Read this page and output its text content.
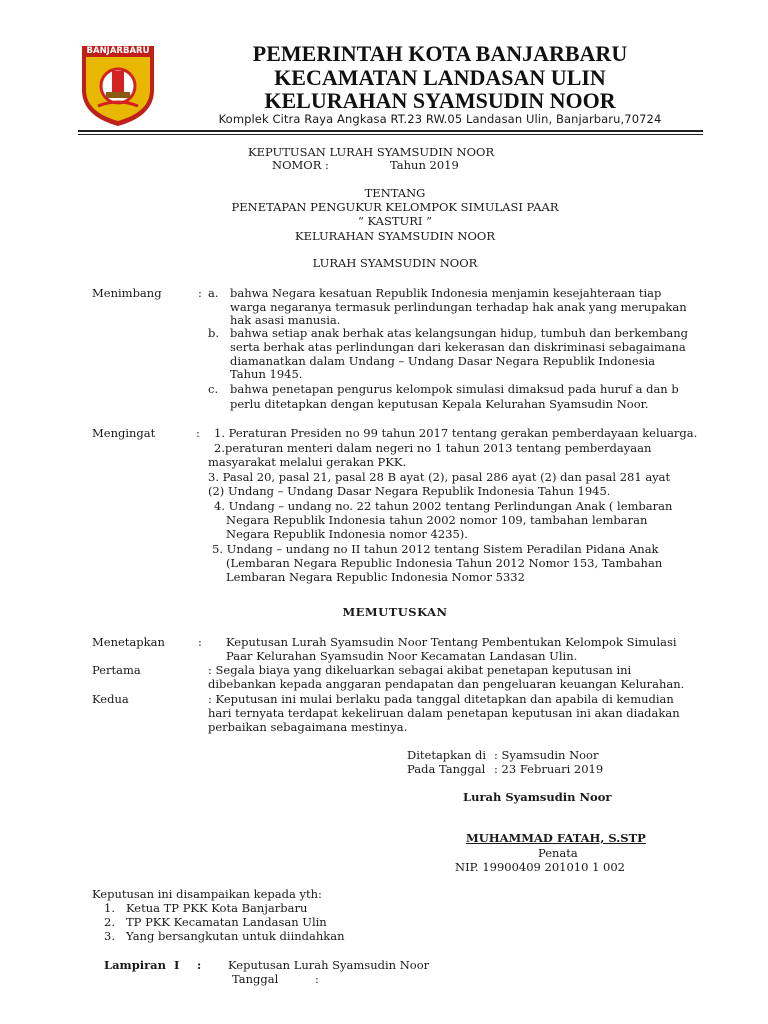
BANJARBARU	PEMERINTAH KOTA BANJARBARU
KECAMATAN LANDASAN ULIN
KELURAHAN SYAMSUDIN NOOR
Komplek Citra Raya Angkasa RT.23 RW.05 Landasan Ulin, Banjarbaru,70724
KEPUTUSAN LURAH SYAMSUDIN NOOR
NOMOR :	Tahun 2019
TENTANG
PENETAPAN PENGUKUR KELOMPOK SIMULASI PAAR
“ KASTURI ”
KELURAHAN SYAMSUDIN NOOR
LURAH SYAMSUDIN NOOR
Menimbang	: a. bahwa Negara kesatuan Republik Indonesia menjamin kesejahteraan tiap
warga negaranya termasuk perlindungan terhadap hak anak yang merupakan
hak asasi manusia.
b. bahwa setiap anak berhak atas kelangsungan hidup, tumbuh dan berkembang
serta berhak atas perlindungan dari kekerasan dan diskriminasi sebagaimana
diamanatkan dalam Undang – Undang Dasar Negara Republik Indonesia
Tahun 1945.
c. bahwa penetapan pengurus kelompok simulasi dimaksud pada huruf a dan b
perlu ditetapkan dengan keputusan Kepala Kelurahan Syamsudin Noor.
Mengingat	: 1. Peraturan Presiden no 99 tahun 2017 tentang gerakan pemberdayaan keluarga.
2.peraturan menteri dalam negeri no 1 tahun 2013 tentang pemberdayaan
masyarakat melalui gerakan PKK.
3. Pasal 20, pasal 21, pasal 28 B ayat (2), pasal 286 ayat (2) dan pasal 281 ayat
(2) Undang – Undang Dasar Negara Republik Indonesia Tahun 1945.
4. Undang – undang no. 22 tahun 2002 tentang Perlindungan Anak ( lembaran
Negara Republik Indonesia tahun 2002 nomor 109, tambahan lembaran
Negara Republik Indonesia nomor 4235).
5. Undang – undang no II tahun 2012 tentang Sistem Peradilan Pidana Anak
(Lembaran Negara Republic Indonesia Tahun 2012 Nomor 153, Tambahan
Lembaran Negara Republic Indonesia Nomor 5332
MEMUTUSKAN
Menetapkan	: Keputusan Lurah Syamsudin Noor Tentang Pembentukan Kelompok Simulasi
Paar Kelurahan Syamsudin Noor Kecamatan Landasan Ulin.
Pertama	: Segala biaya yang dikeluarkan sebagai akibat penetapan keputusan ini
dibebankan kepada anggaran pendapatan dan pengeluaran keuangan Kelurahan.
Kedua	: Keputusan ini mulai berlaku pada tanggal ditetapkan dan apabila di kemudian
hari ternyata terdapat kekeliruan dalam penetapan keputusan ini akan diadakan
perbaikan sebagaimana mestinya.
Ditetapkan di : Syamsudin Noor
Pada Tanggal : 23 Februari 2019
Lurah Syamsudin Noor
MUHAMMAD FATAH, S.STP
Penata
NIP. 19900409 201010 1 002
Keputusan ini disampaikan kepada yth:
1. Ketua TP PKK Kota Banjarbaru
2. TP PKK Kecamatan Landasan Ulin
3. Yang bersangkutan untuk diindahkan
Lampiran  I : Keputusan Lurah Syamsudin Noor
Tanggal	:
